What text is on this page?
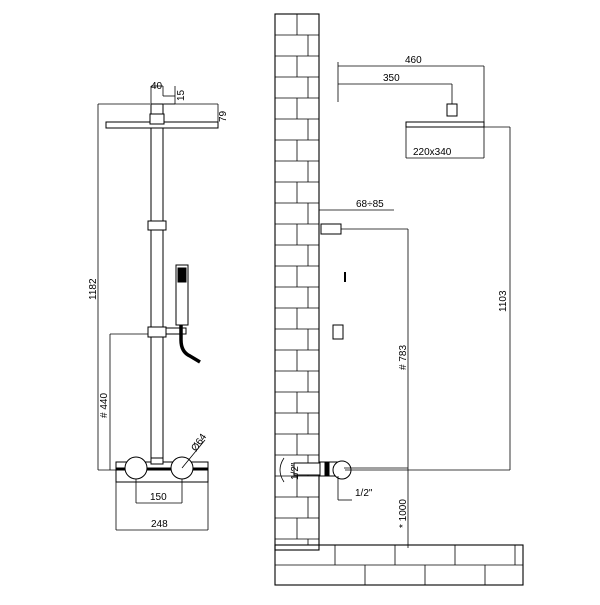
40
15
79
1182
# 440
Ø64
150
248
220x340
460
350
68÷85
# 783
1103
1/2"
1/2"
* 1000
